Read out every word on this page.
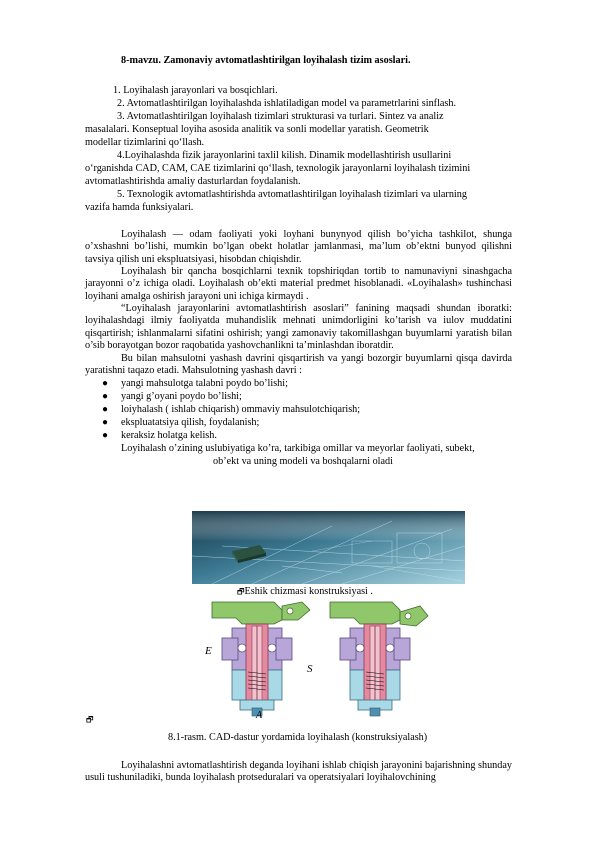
8-mavzu. Zamonaviy avtomatlashtirilgan loyihalash tizim asoslari.
1. Loyihalash jarayonlari va bosqichlari.
2. Avtomatlashtirilgan loyihalashda ishlatiladigan model va parametrlarini sinflash.
3. Avtomatlashtirilgan loyihalash tizimlari strukturasi va turlari. Sintez va analiz
masalalari. Konseptual loyiha asosida analitik va sonli modellar yaratish. Geometrik
modellar tizimlarini qo‘llash.
4.Loyihalashda fizik jarayonlarini taxlil kilish. Dinamik modellashtirish usullarini
o‘rganishda CAD, CAM, CAE tizimlarini qo‘llash, texnologik jarayonlarni loyihalash tizimini
avtomatlashtirishda amaliy dasturlardan foydalanish.
5. Texnologik avtomatlashtirishda avtomatlashtirilgan loyihalash tizimlari va ularning
vazifa hamda funksiyalari.
Loyihalash — odam faoliyati yoki loyhani bunynyod qilish bo’yicha tashkilot, shunga o’xshashni bo’lishi, mumkin bo’lgan obekt holatlar jamlanmasi, ma’lum ob’ektni bunyod qilishni tavsiya qilish uni ekspluatsiyasi, hisobdan chiqishdir.
Loyihalash bir qancha bosqichlarni texnik topshiriqdan tortib to namunaviyni sinashgacha jarayonni o’z ichiga oladi. Loyihalash ob’ekti material predmet hisoblanadi. «Loyihalash» tushinchasi loyihani amalga oshirish jarayoni uni ichiga kirmaydi .
“Loyihalash jarayonlarini avtomatlashtirish asoslari” fanining maqsadi shundan iboratki: loyihalashdagi ilmiy faoliyatda muhandislik mehnati unimdorligini ko’tarish va iulov muddatini qisqartirish; ishlanmalarni sifatini oshirish; yangi zamonaviy takomillashgan buyumlarni yaratish bilan o’sib borayotgan bozor raqobatida yashovchanlikni ta’minlashdan iboratdir.
Bu bilan mahsulotni yashash davrini qisqartirish va yangi bozorgir buyumlarni qisqa davirda yaratishni taqazo etadi. Mahsulotning yashash davri :
● yangi mahsulotga talabni poydo bo’lishi;
● yangi g’oyani poydo bo’lishi;
● loiyhalash ( ishlab chiqarish) ommaviy mahsulotchiqarish;
● ekspluatatsiya qilish, foydalanish;
● keraksiz holatga kelish.
Loyihalash o’zining uslubiyatiga ko’ra, tarkibiga omillar va meyorlar faoliyati, subekt,
ob’ekt va uning modeli va boshqalarni oladi
🗗Eshik chizmasi konstruksiyasi .
E
S
A
🗗
8.1-rasm. CAD-dastur yordamida loyihalash (konstruksiyalash)
Loyihalashni avtomatlashtirish deganda loyihani ishlab chiqish jarayonini bajarishning shunday usuli tushuniladiki, bunda loyihalash protseduralari va operatsiyalari loyihalovchining
